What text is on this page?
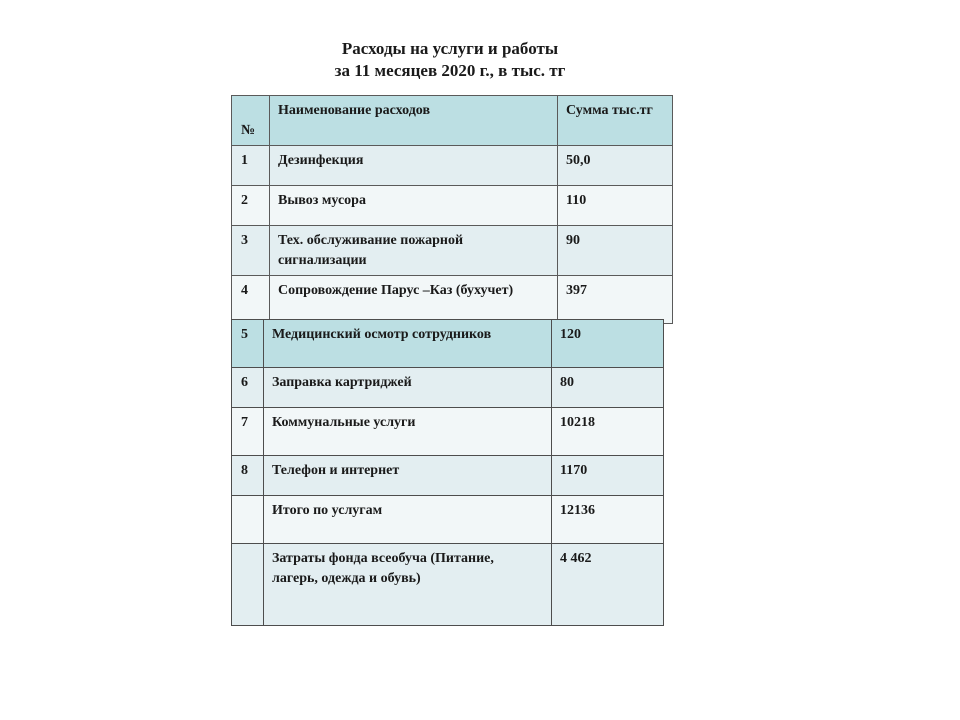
Расходы на услуги и работы
за 11 месяцев 2020 г., в тыс. тг
№	Наименование расходов	Сумма тыс.тг
1	Дезинфекция	50,0
2	Вывоз мусора	110
3	Тех. обслуживание пожарной сигнализации	90
4	Сопровождение Парус –Каз (бухучет)	397
5	Медицинский осмотр сотрудников	120
6	Заправка картриджей	80
7	Коммунальные услуги	10218
8	Телефон и интернет	1170
	Итого по услугам	12136
	Затраты фонда всеобуча (Питание, лагерь, одежда и обувь)	4 462
